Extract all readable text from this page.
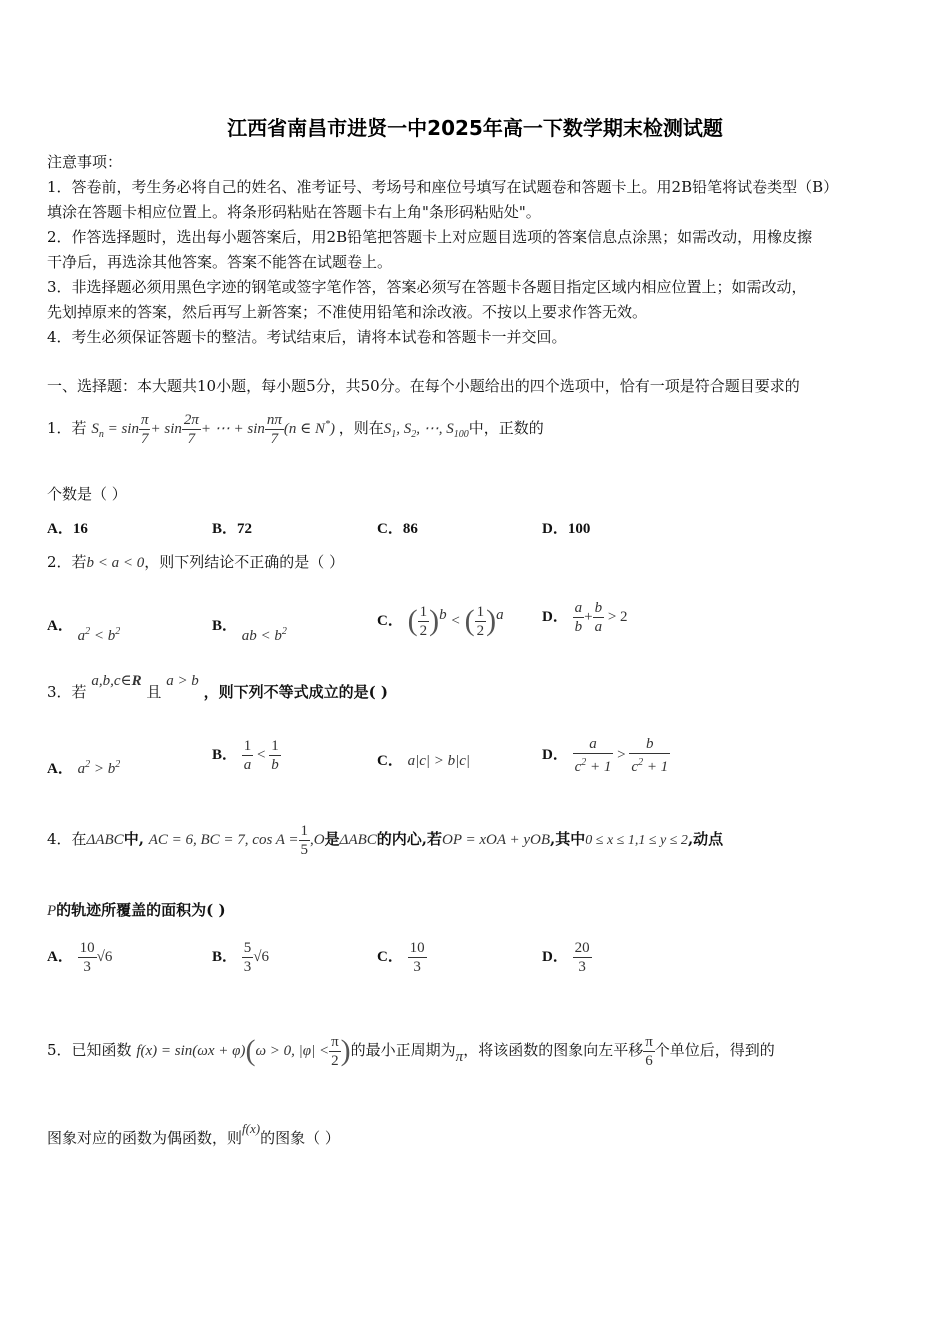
江西省南昌市进贤一中2025年高一下数学期末检测试题
注意事项：
1．答卷前，考生务必将自己的姓名、准考证号、考场号和座位号填写在试题卷和答题卡上。用2B铅笔将试卷类型（B）
填涂在答题卡相应位置上。将条形码粘贴在答题卡右上角"条形码粘贴处"。
2．作答选择题时，选出每小题答案后，用2B铅笔把答题卡上对应题目选项的答案信息点涂黑；如需改动，用橡皮擦
干净后，再选涂其他答案。答案不能答在试题卷上。
3．非选择题必须用黑色字迹的钢笔或签字笔作答，答案必须写在答题卡各题目指定区域内相应位置上；如需改动，
先划掉原来的答案，然后再写上新答案；不准使用铅笔和涂改液。不按以上要求作答无效。
4．考生必须保证答题卡的整洁。考试结束后，请将本试卷和答题卡一并交回。
一、选择题：本大题共10小题，每小题5分，共50分。在每个小题给出的四个选项中，恰有一项是符合题目要求的
1．若 $S_n = \sin \frac{\pi}{7} + \sin \frac{2\pi}{7}$ + ⋯ + $\sin \frac{n\pi}{7} (n$ ∈ N*) ，则在$S_1$, $S_2$, ⋯, $S_{100}$中，正数的
个数是（ ）
A．16	B．72	C．86	D．100
2．若b < a < 0，则下列结论不正确的是（ ）
A． $a^2 < b^2$	B． ab < $b^2$
C． ( $\frac{1}{2} )^b$ < ( $\frac{1}{2} )^a$	D． $\frac{a}{b} + \frac{b}{a} > 2$
3．若 a,b,c∈R 且 a > b ，则下列不等式成立的是( )
A． $a^2 > b^2$
B． $\frac{1}{a} < \frac{1}{b}$	C． a|c| > b|c|	D． $\frac{a}{c^2 + 1} > \frac{b}{c^2 + 1}$
4．在ΔABC中, AC = 6, BC = 7, $\cos A = \frac{1}{5} ,O$是ΔABC的内心,若OP = xOA + yOB,其中0 ≤ x ≤ 1,1 ≤ y ≤ 2,动点
P的轨迹所覆盖的面积为( )
A． $\frac{10}{3} √6$	B． $\frac{5}{3} √6$	C． $\frac{10}{3}$	D． $\frac{20}{3}$
5．已知函数 f(x) = sin(ωx + φ)(ω > 0, $|\varphi| < \frac{\pi}{2}$ )的最小正周期为π，将该函数的图象向左平移 $\frac{\pi}{6}$ 个单位后，得到的
图象对应的函数为偶函数，则f(x)的图象（ ）
